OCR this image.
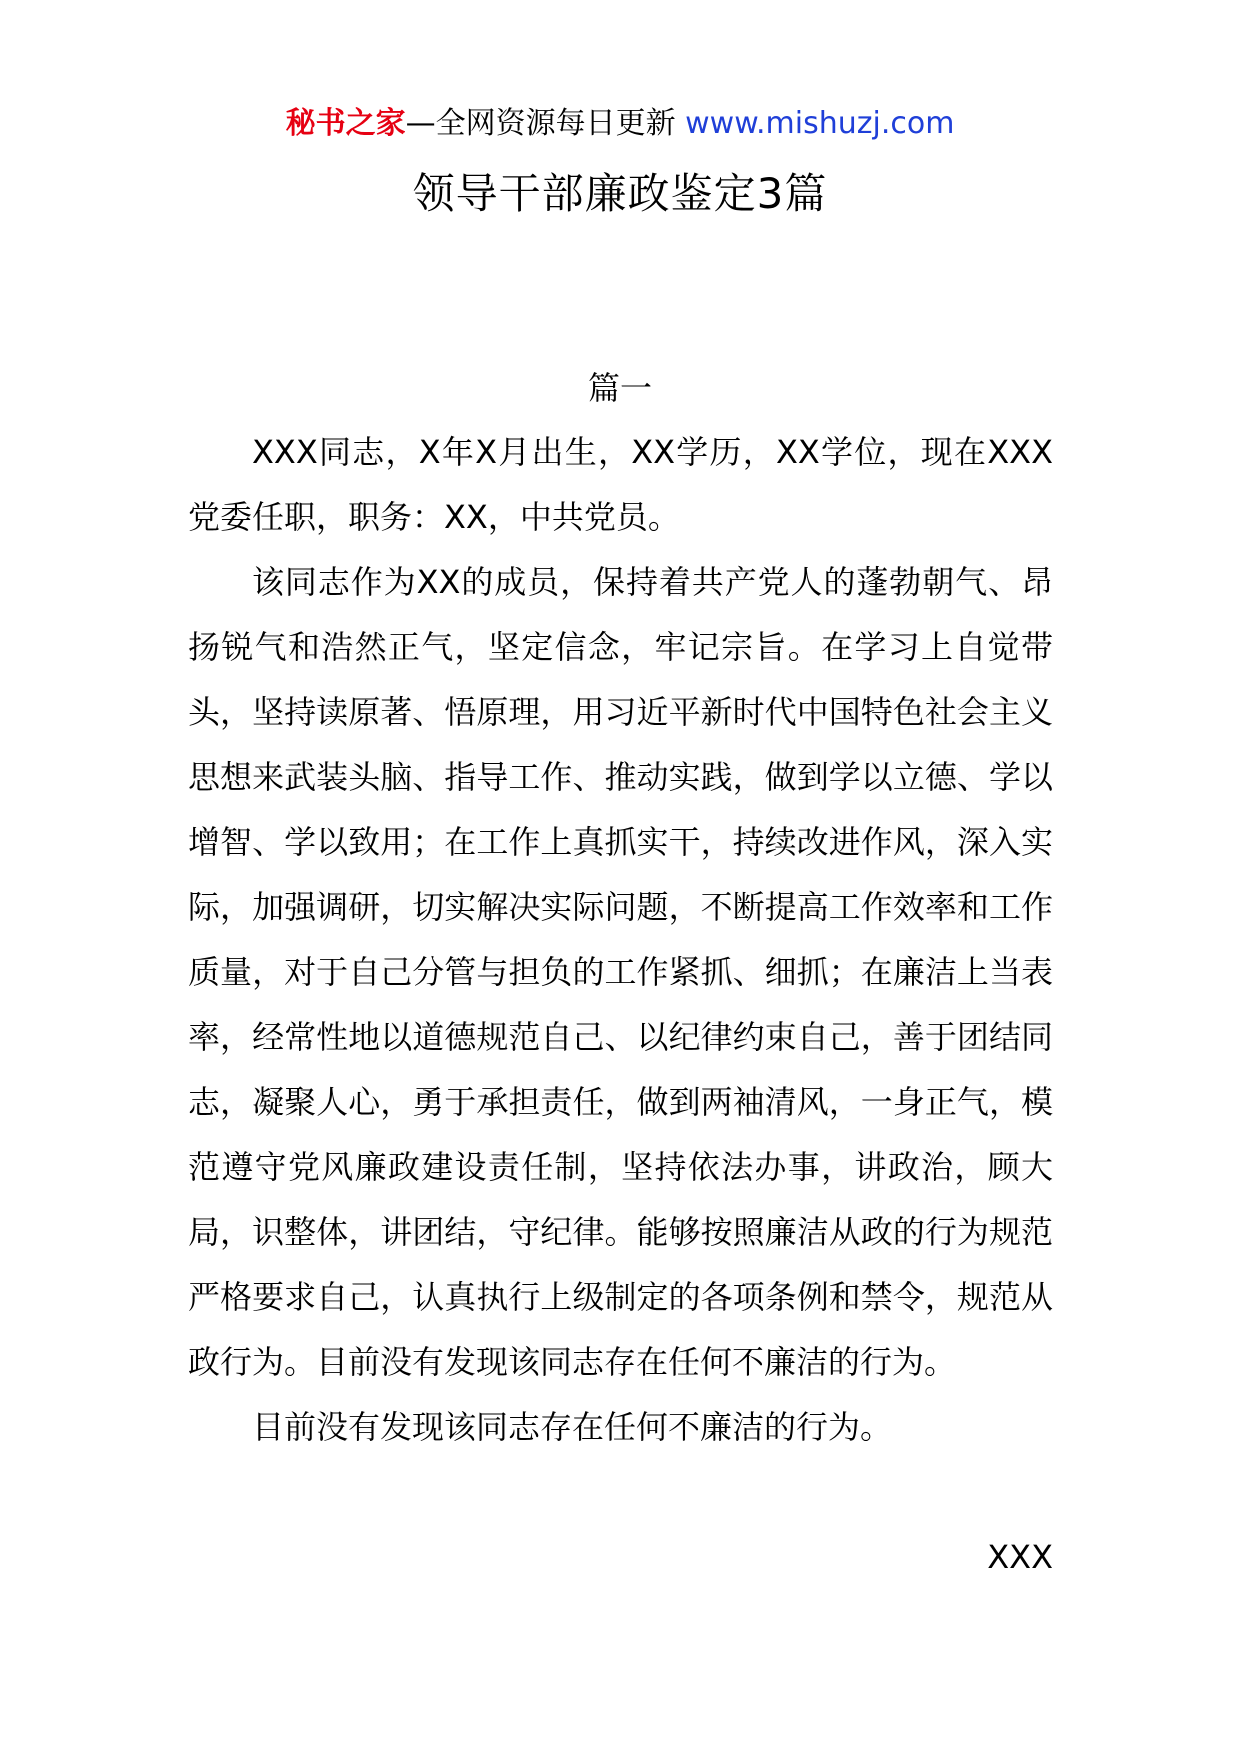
秘书之家—全网资源每日更新 www.mishuzj.com
领导干部廉政鉴定3篇
篇一

XXX同志，X年X月出生，XX学历，XX学位，现在XXX党委任职，职务：XX，中共党员。

该同志作为XX的成员，保持着共产党人的蓬勃朝气、昂扬锐气和浩然正气，坚定信念，牢记宗旨。在学习上自觉带头，坚持读原著、悟原理，用习近平新时代中国特色社会主义思想来武装头脑、指导工作、推动实践，做到学以立德、学以增智、学以致用；在工作上真抓实干，持续改进作风，深入实际，加强调研，切实解决实际问题，不断提高工作效率和工作质量，对于自己分管与担负的工作紧抓、细抓；在廉洁上当表率，经常性地以道德规范自己、以纪律约束自己，善于团结同志，凝聚人心，勇于承担责任，做到两袖清风，一身正气，模范遵守党风廉政建设责任制，坚持依法办事，讲政治，顾大局，识整体，讲团结，守纪律。能够按照廉洁从政的行为规范严格要求自己，认真执行上级制定的各项条例和禁令，规范从政行为。目前没有发现该同志存在任何不廉洁的行为。

目前没有发现该同志存在任何不廉洁的行为。

XXX
